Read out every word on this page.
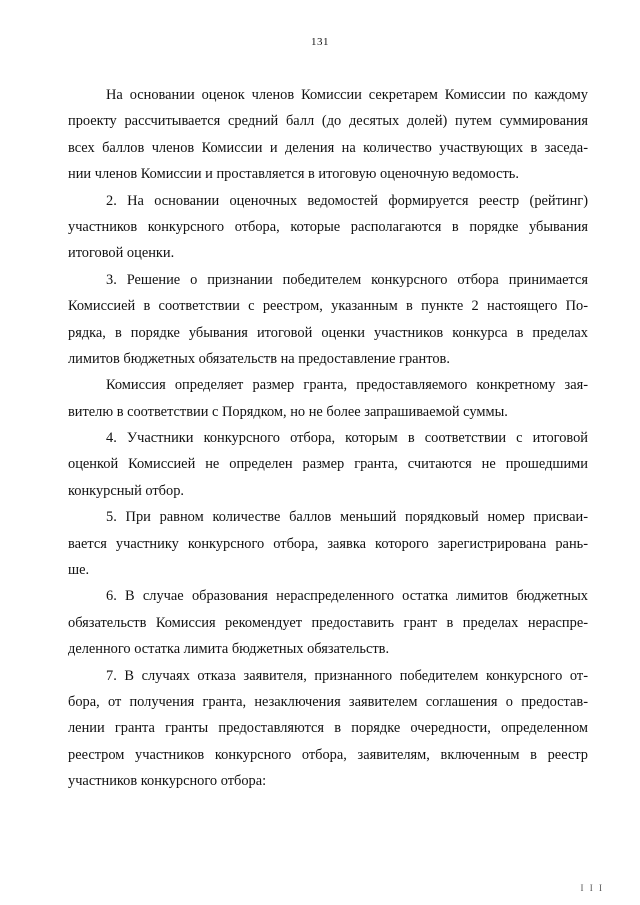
131
На основании оценок членов Комиссии секретарем Комиссии по каждому
проекту рассчитывается средний балл (до десятых долей) путем суммирования
всех баллов членов Комиссии и деления на количество участвующих в заседа-
нии членов Комиссии и проставляется в итоговую оценочную ведомость.
2. На основании оценочных ведомостей формируется реестр (рейтинг)
участников конкурсного отбора, которые располагаются в порядке убывания
итоговой оценки.
3. Решение о признании победителем конкурсного отбора принимается
Комиссией в соответствии с реестром, указанным в пункте 2 настоящего По-
рядка, в порядке убывания итоговой оценки участников конкурса в пределах
лимитов бюджетных обязательств на предоставление грантов.
Комиссия определяет размер гранта, предоставляемого конкретному зая-
вителю в соответствии с Порядком, но не более запрашиваемой суммы.
4. Участники конкурсного отбора, которым в соответствии с итоговой
оценкой Комиссией не определен размер гранта, считаются не прошедшими
конкурсный отбор.
5. При равном количестве баллов меньший порядковый номер присваи-
вается участнику конкурсного отбора, заявка которого зарегистрирована рань-
ше.
6. В случае образования нераспределенного остатка лимитов бюджетных
обязательств Комиссия рекомендует предоставить грант в пределах нераспре-
деленного остатка лимита бюджетных обязательств.
7. В случаях отказа заявителя, признанного победителем конкурсного от-
бора, от получения гранта, незаключения заявителем соглашения о предостав-
лении гранта гранты предоставляются в порядке очередности, определенном
реестром участников конкурсного отбора, заявителям, включенным в реестр
участников конкурсного отбора:
I I I
